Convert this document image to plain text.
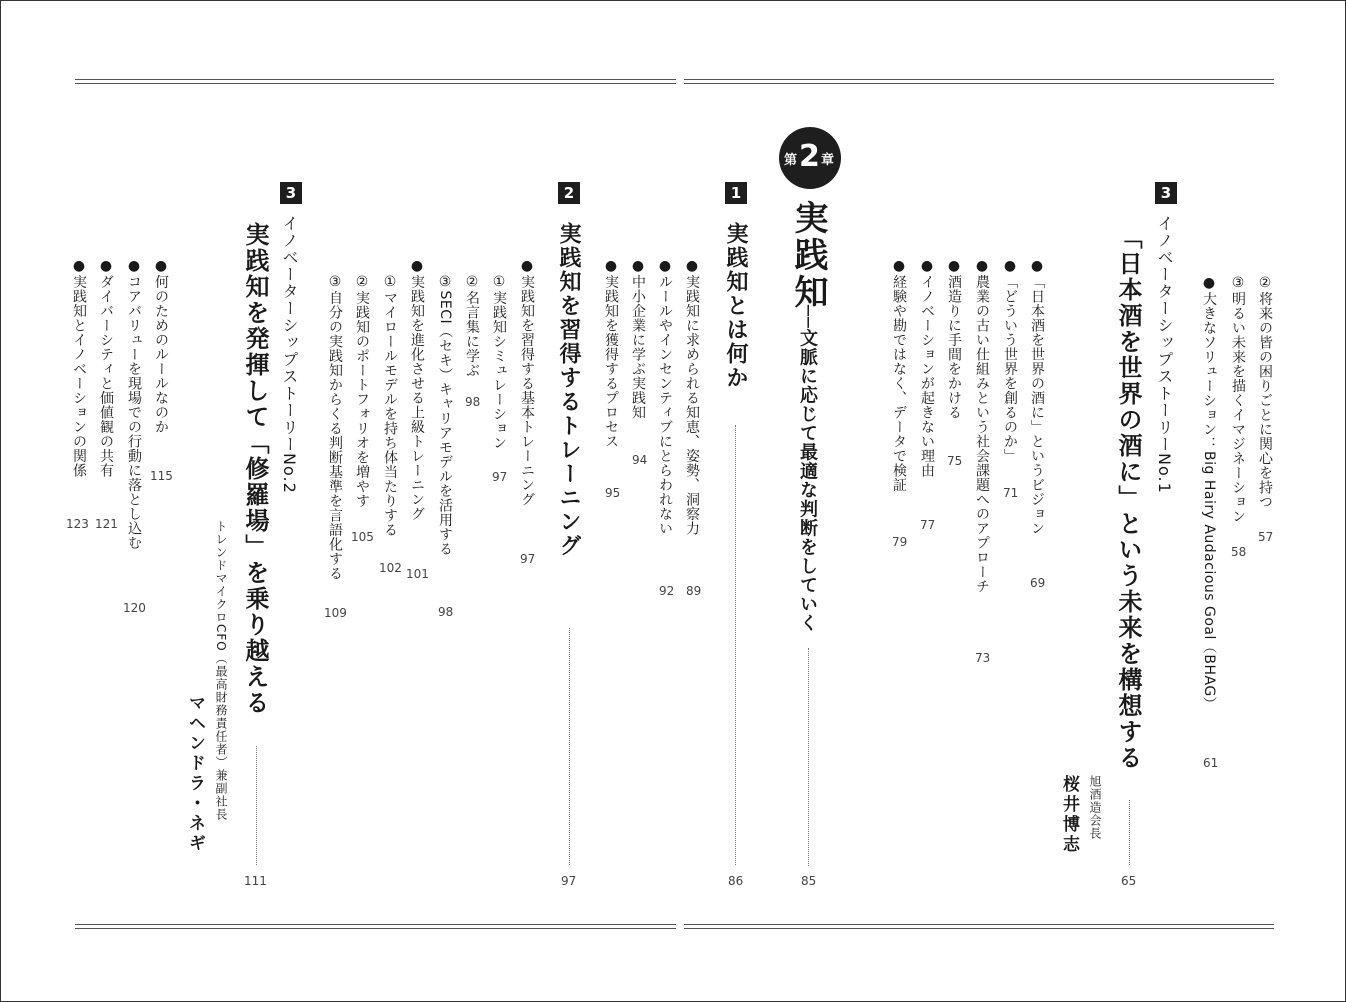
②将来の皆の困りごとに関心を持つ
57
③明るい未来を描くイマジネーション
58
●大きなソリューション：Big Hairy Audacious Goal（BHAG）
61
3
イノベーターシップストーリーNo.1
「日本酒を世界の酒に」という未来を構想する
65
旭酒造会長
桜井博志
●「日本酒を世界の酒に」というビジョン
69
●「どういう世界を創るのか」
71
●農業の古い仕組みという社会課題へのアプローチ
73
●酒造りに手間をかける
75
●イノベーションが起きない理由
77
●経験や勘ではなく、データで検証
79
第 2 章
実践知
──文脈に応じて最適な判断をしていく
85
1
実践知とは何か
86
●実践知に求められる知恵、姿勢、洞察力
89
●ルールやインセンティブにとらわれない
92
●中小企業に学ぶ実践知
94
●実践知を獲得するプロセス
95
2
実践知を習得するトレーニング
97
●実践知を習得する基本トレーニング
97
①実践知シミュレーション
97
②名言集に学ぶ
98
③SECI（セキ）キャリアモデルを活用する
98
●実践知を進化させる上級トレーニング
101
①マイロールモデルを持ち体当たりする
102
②実践知のポートフォリオを増やす
105
③自分の実践知からくる判断基準を言語化する
109
3
イノベーターシップストーリーNo.2
実践知を発揮して「修羅場」を乗り越える
111
トレンドマイクロCFO（最高財務責任者）兼副社長
マヘンドラ・ネギ
●何のためのルールなのか
115
●コアバリューを現場での行動に落とし込む
120
●ダイバーシティと価値観の共有
121
●実践知とイノベーションの関係
123
